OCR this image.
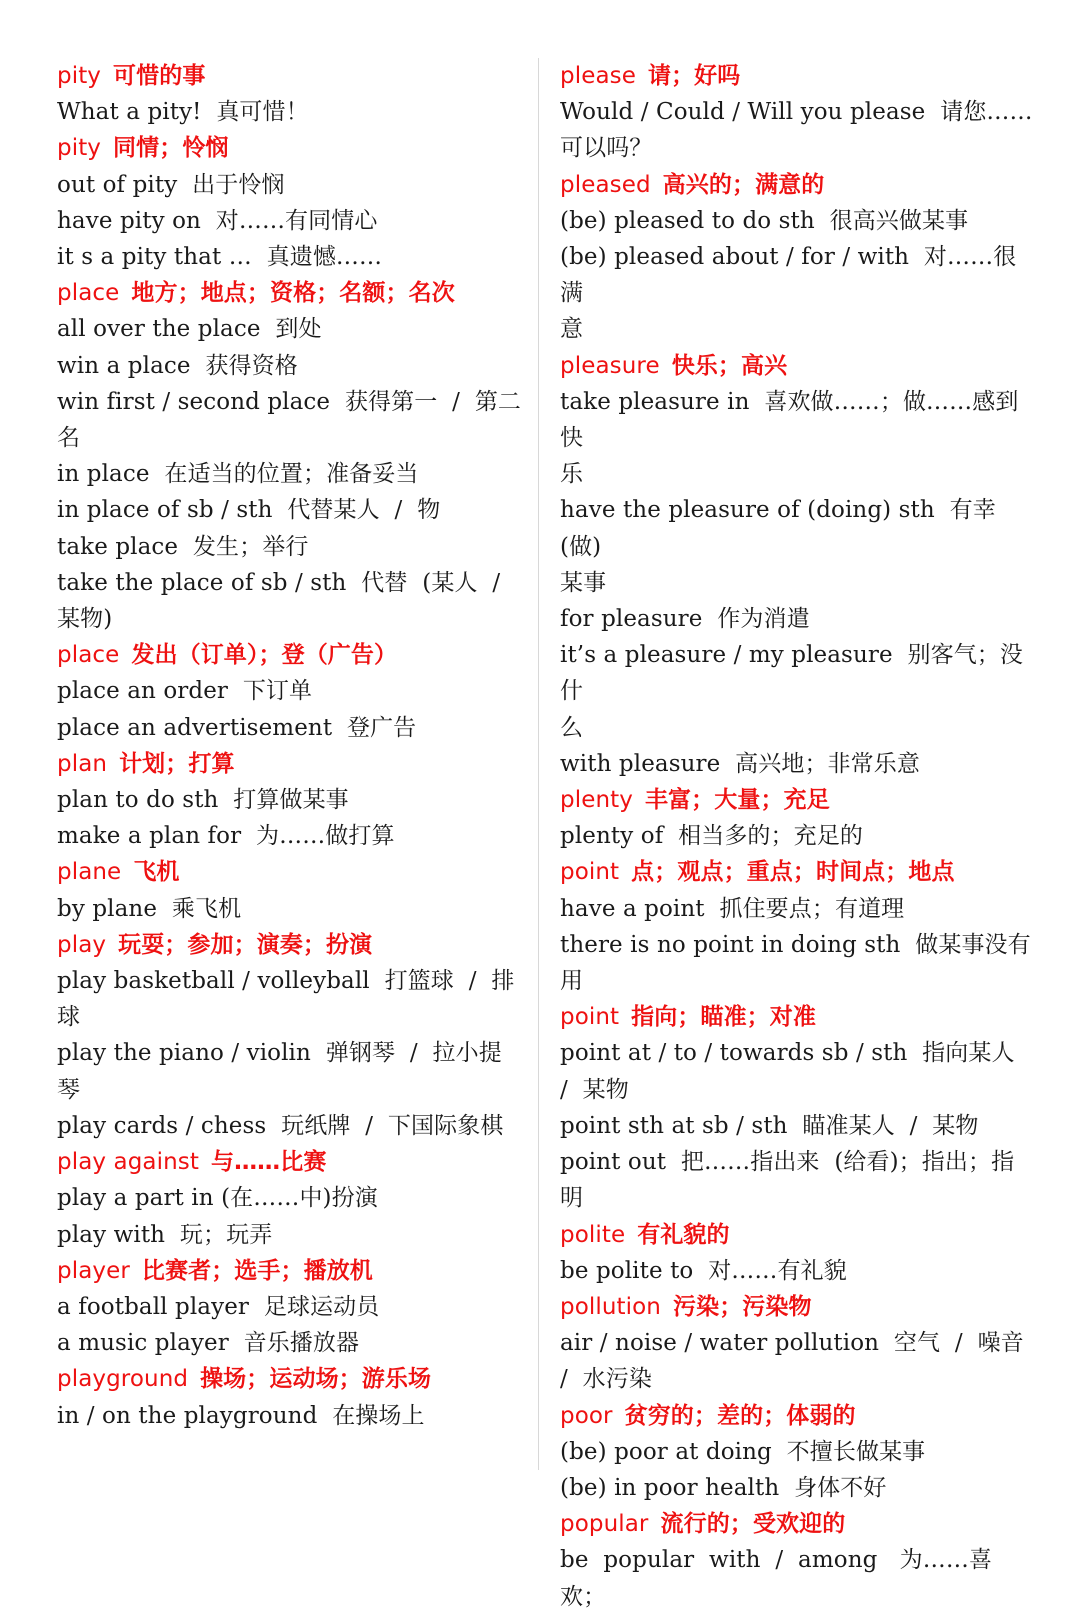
pity 可惜的事
What a pity!  真可惜！
pity 同情；怜悯
out of pity  出于怜悯
have pity on  对……有同情心
it s a pity that …  真遗憾……
place 地方；地点；资格；名额；名次
all over the place  到处
win a place  获得资格
win first / second place  获得第一  /  第二
名
in place  在适当的位置；准备妥当
in place of sb / sth  代替某人  /  物
take place  发生；举行
take the place of sb / sth  代替  (某人  /
某物)
place 发出（订单）；登（广告）
place an order  下订单
place an advertisement  登广告
plan 计划；打算
plan to do sth  打算做某事
make a plan for  为……做打算
plane 飞机
by plane  乘飞机
play 玩耍；参加；演奏；扮演
play basketball / volleyball  打篮球  /  排
球
play the piano / violin  弹钢琴  /  拉小提
琴
play cards / chess  玩纸牌  /  下国际象棋
play against 与……比赛
play a part in (在……中)扮演
play with  玩；玩弄
player 比赛者；选手；播放机
a football player  足球运动员
a music player  音乐播放器
playground 操场；运动场；游乐场
in / on the playground  在操场上
please 请；好吗
Would / Could / Will you please  请您……
可以吗？
pleased 高兴的；满意的
(be) pleased to do sth  很高兴做某事
(be) pleased about / for / with  对……很满
意
pleasure 快乐；高兴
take pleasure in  喜欢做……；做……感到快
乐
have the pleasure of (doing) sth  有幸  (做)
某事
for pleasure  作为消遣
it’s a pleasure / my pleasure  别客气；没什
么
with pleasure  高兴地；非常乐意
plenty 丰富；大量；充足
plenty of  相当多的；充足的
point 点；观点；重点；时间点；地点
have a point  抓住要点；有道理
there is no point in doing sth  做某事没有
用
point 指向；瞄准；对准
point at / to / towards sb / sth  指向某人
/  某物
point sth at sb / sth  瞄准某人  /  某物
point out  把……指出来  (给看)；指出；指
明
polite 有礼貌的
be polite to  对……有礼貌
pollution 污染；污染物
air / noise / water pollution  空气  /  噪音
/  水污染
poor 贫穷的；差的；体弱的
(be) poor at doing  不擅长做某事
(be) in poor health  身体不好
popular 流行的；受欢迎的
be  popular  with  /  among   为……喜欢；
